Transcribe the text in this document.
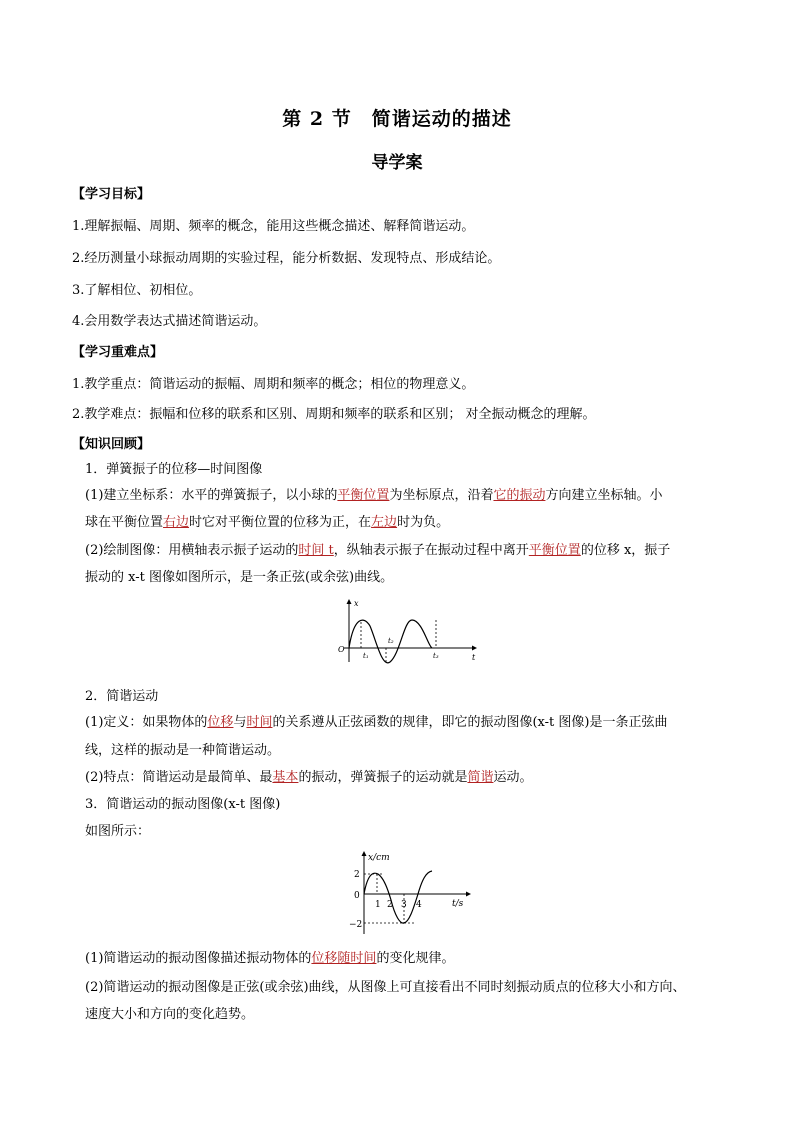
第 2 节　简谐运动的描述
导学案
【学习目标】
1.理解振幅、周期、频率的概念，能用这些概念描述、解释简谐运动。
2.经历测量小球振动周期的实验过程，能分析数据、发现特点、形成结论。
3.了解相位、初相位。
4.会用数学表达式描述简谐运动。
【学习重难点】
1.教学重点：简谐运动的振幅、周期和频率的概念；相位的物理意义。
2.教学难点：振幅和位移的联系和区别、周期和频率的联系和区别； 对全振动概念的理解。
【知识回顾】
1．弹簧振子的位移—时间图像
(1)建立坐标系：水平的弹簧振子，以小球的平衡位置为坐标原点，沿着它的振动方向建立坐标轴。小
球在平衡位置右边时它对平衡位置的位移为正，在左边时为负。
(2)绘制图像：用横轴表示振子运动的时间 t，纵轴表示振子在振动过程中离开平衡位置的位移 x，振子
振动的 x-t 图像如图所示，是一条正弦(或余弦)曲线。
x
t
O
t₁
t₂
t₃
2．简谐运动
(1)定义：如果物体的位移与时间的关系遵从正弦函数的规律，即它的振动图像(x-t 图像)是一条正弦曲
线，这样的振动是一种简谐运动。
(2)特点：简谐运动是最简单、最基本的振动，弹簧振子的运动就是简谐运动。
3．简谐运动的振动图像(x-t 图像)
如图所示：
x/cm
t/s
2
0
−2
1 2 3 4
(1)简谐运动的振动图像描述振动物体的位移随时间的变化规律。
(2)简谐运动的振动图像是正弦(或余弦)曲线，从图像上可直接看出不同时刻振动质点的位移大小和方向、
速度大小和方向的变化趋势。
